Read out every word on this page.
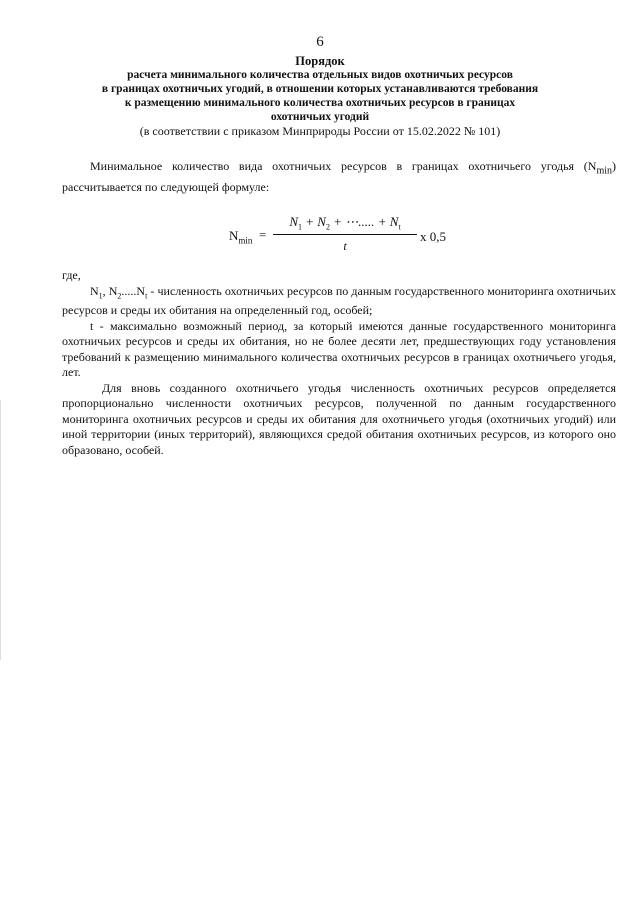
6
Порядок
расчета минимального количества отдельных видов охотничьих ресурсов
в границах охотничьих угодий, в отношении которых устанавливаются требования
к размещению минимального количества охотничьих ресурсов в границах
охотничьих угодий
(в соответствии с приказом Минприроды России от 15.02.2022 № 101)
Минимальное количество вида охотничьих ресурсов в границах охотничьего угодья $(N_{min})$ рассчитывается по следующей формуле:
$N_{min}$ =
$N_1 + N_2$ + ⋯..... + $N_t$
t
х 0,5

где,

$N_1$, $N_2.....N_t$ - численность охотничьих ресурсов по данным государственного мониторинга охотничьих ресурсов и среды их обитания на определенный год, особей;

t - максимально возможный период, за который имеются данные государственного мониторинга охотничьих ресурсов и среды их обитания, но не более десяти лет, предшествующих году установления требований к размещению минимального количества охотничьих ресурсов в границах охотничьего угодья, лет.

Для вновь созданного охотничьего угодья численность охотничьих ресурсов определяется пропорционально численности охотничьих ресурсов, полученной по данным государственного мониторинга охотничьих ресурсов и среды их обитания для охотничьего угодья (охотничьих угодий) или иной территории (иных территорий), являющихся средой обитания охотничьих ресурсов, из которого оно образовано, особей.
